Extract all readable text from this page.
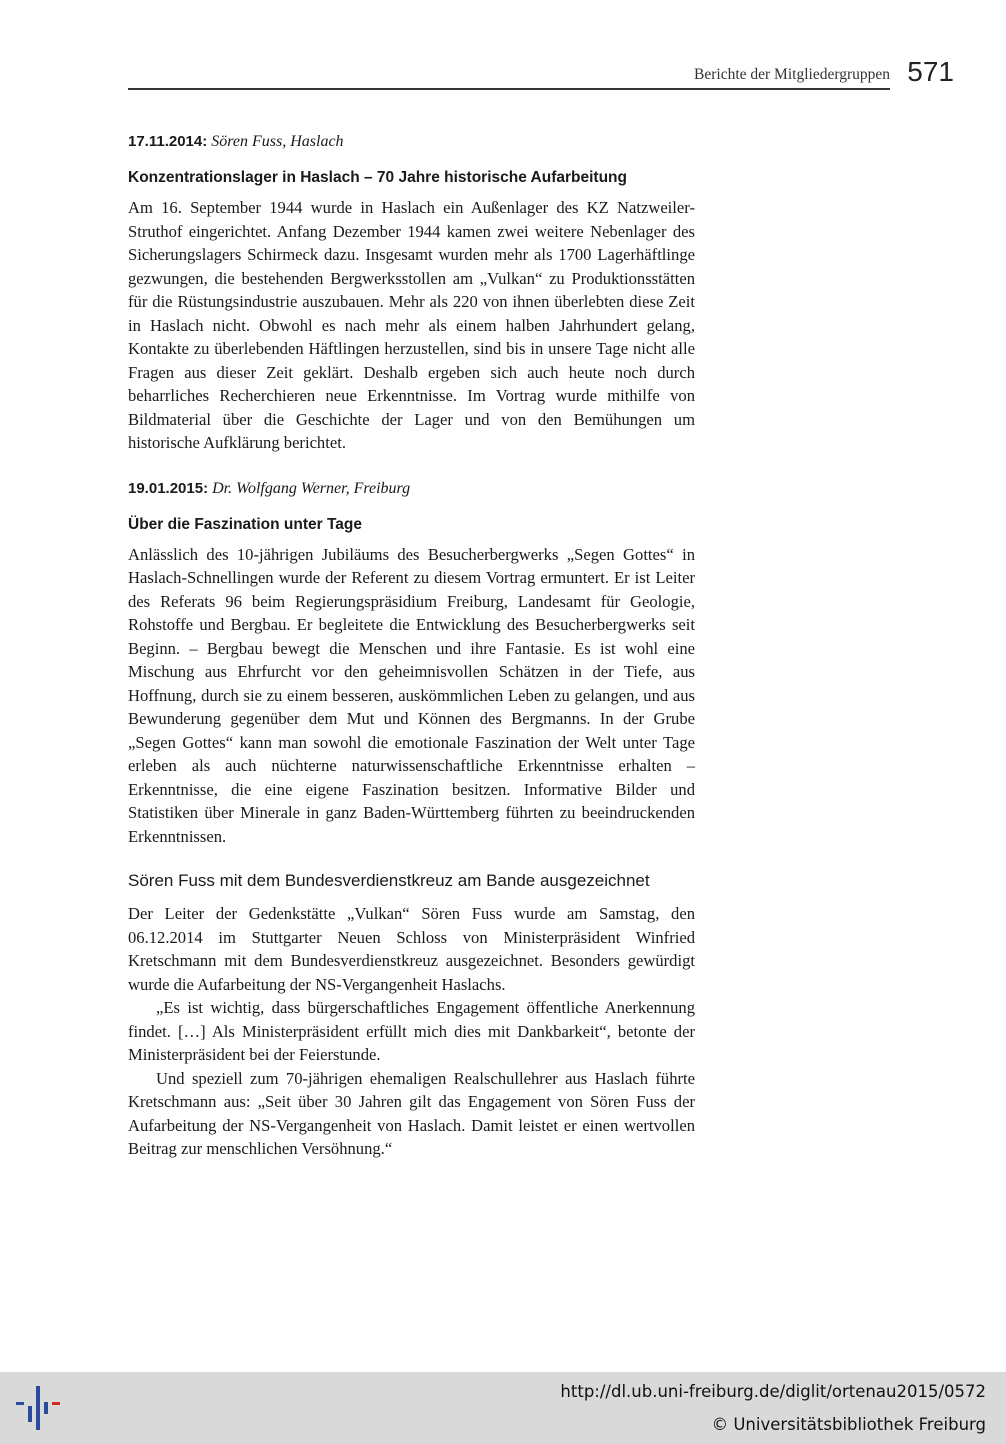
Berichte der Mitgliedergruppen 571

17.11.2014: Sören Fuss, Haslach

Konzentrationslager in Haslach – 70 Jahre historische Aufarbeitung

Am 16. September 1944 wurde in Haslach ein Außenlager des KZ Natzweiler-Struthof eingerichtet. Anfang Dezember 1944 kamen zwei weitere Nebenlager des Sicherungslagers Schirmeck dazu. Insgesamt wurden mehr als 1700 Lagerhäftlinge gezwungen, die bestehenden Bergwerksstollen am „Vulkan“ zu Produktionsstätten für die Rüstungsindustrie auszubauen. Mehr als 220 von ihnen überlebten diese Zeit in Haslach nicht. Obwohl es nach mehr als einem halben Jahrhundert gelang, Kontakte zu überlebenden Häftlingen herzustellen, sind bis in unsere Tage nicht alle Fragen aus dieser Zeit geklärt. Deshalb ergeben sich auch heute noch durch beharrliches Recherchieren neue Erkenntnisse. Im Vortrag wurde mithilfe von Bildmaterial über die Geschichte der Lager und von den Bemühungen um historische Aufklärung berichtet.

19.01.2015: Dr. Wolfgang Werner, Freiburg

Über die Faszination unter Tage

Anlässlich des 10-jährigen Jubiläums des Besucherbergwerks „Segen Gottes“ in Haslach-Schnellingen wurde der Referent zu diesem Vortrag ermuntert. Er ist Leiter des Referats 96 beim Regierungspräsidium Freiburg, Landesamt für Geologie, Rohstoffe und Bergbau. Er begleitete die Entwicklung des Besucherbergwerks seit Beginn. – Bergbau bewegt die Menschen und ihre Fantasie. Es ist wohl eine Mischung aus Ehrfurcht vor den geheimnisvollen Schätzen in der Tiefe, aus Hoffnung, durch sie zu einem besseren, auskömmlichen Leben zu gelangen, und aus Bewunderung gegenüber dem Mut und Können des Bergmanns. In der Grube „Segen Gottes“ kann man sowohl die emotionale Faszination der Welt unter Tage erleben als auch nüchterne naturwissenschaftliche Erkenntnisse erhalten – Erkenntnisse, die eine eigene Faszination besitzen. Informative Bilder und Statistiken über Minerale in ganz Baden-Württemberg führten zu beeindruckenden Erkenntnissen.

Sören Fuss mit dem Bundesverdienstkreuz am Bande ausgezeichnet

Der Leiter der Gedenkstätte „Vulkan“ Sören Fuss wurde am Samstag, den 06.12.2014 im Stuttgarter Neuen Schloss von Ministerpräsident Winfried Kretschmann mit dem Bundesverdienstkreuz ausgezeichnet. Besonders gewürdigt wurde die Aufarbeitung der NS-Vergangenheit Haslachs.

„Es ist wichtig, dass bürgerschaftliches Engagement öffentliche Anerkennung findet. […] Als Ministerpräsident erfüllt mich dies mit Dankbarkeit“, betonte der Ministerpräsident bei der Feierstunde.

Und speziell zum 70-jährigen ehemaligen Realschullehrer aus Haslach führte Kretschmann aus: „Seit über 30 Jahren gilt das Engagement von Sören Fuss der Aufarbeitung der NS-Vergangenheit von Haslach. Damit leistet er einen wertvollen Beitrag zur menschlichen Versöhnung.“

http://dl.ub.uni-freiburg.de/diglit/ortenau2015/0572
© Universitätsbibliothek Freiburg
